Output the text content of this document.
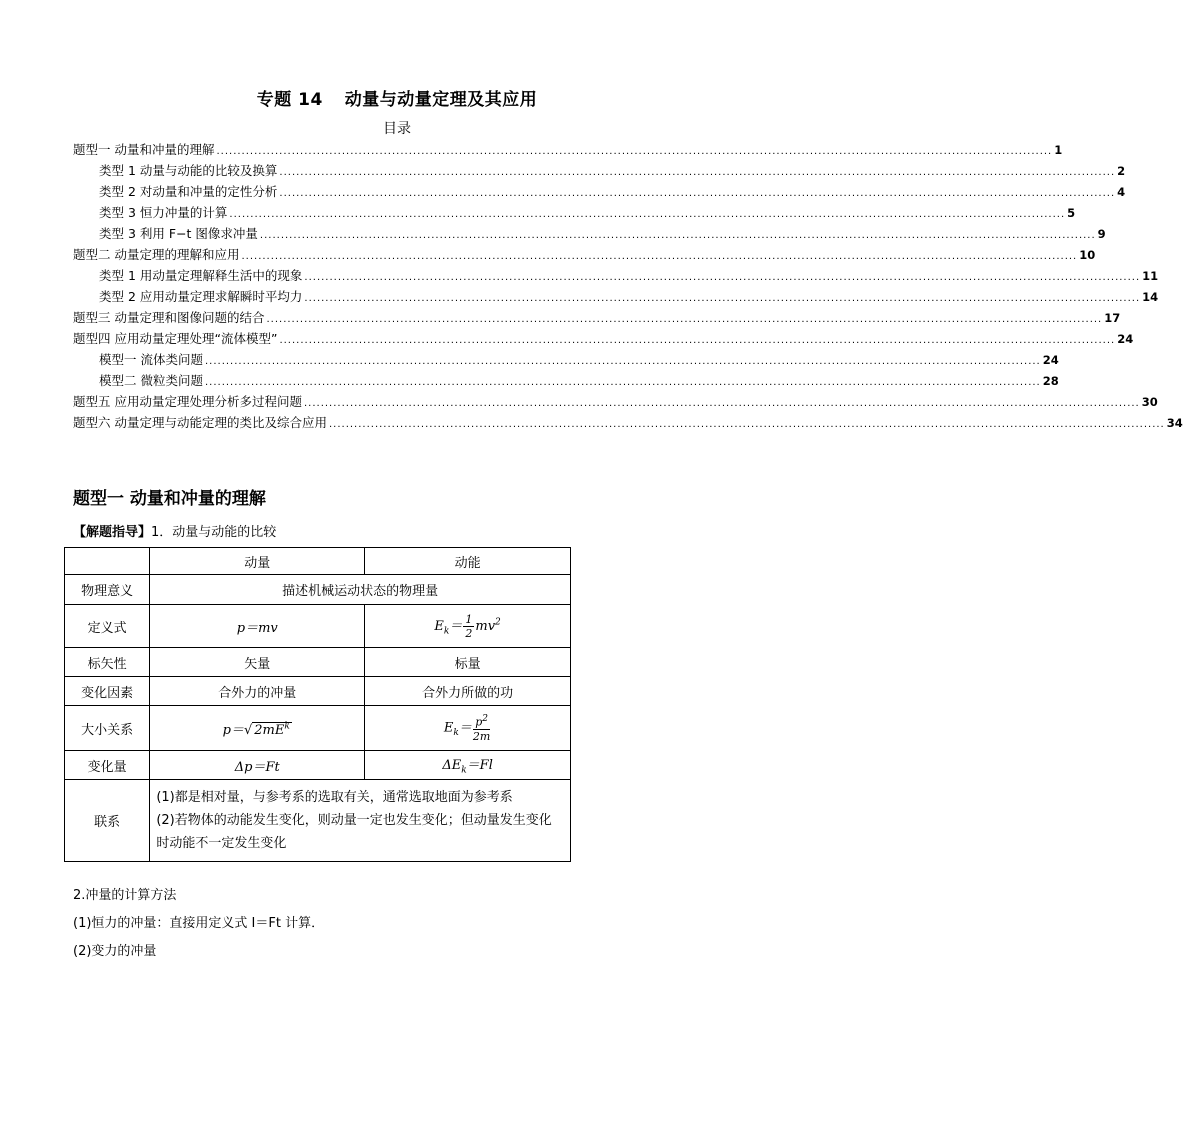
专题 14 动量与动量定理及其应用
目录
题型一 动量和冲量的理解 ........................................................................................................................................................................................................ 1
类型 1 动量与动能的比较及换算 ........................................................................................................................................................................................................ 2
类型 2 对动量和冲量的定性分析 ........................................................................................................................................................................................................ 4
类型 3 恒力冲量的计算 ........................................................................................................................................................................................................ 5
类型 3 利用 F−t 图像求冲量 ........................................................................................................................................................................................................ 9
题型二 动量定理的理解和应用 ........................................................................................................................................................................................................ 10
类型 1 用动量定理解释生活中的现象 ........................................................................................................................................................................................................ 11
类型 2 应用动量定理求解瞬时平均力 ........................................................................................................................................................................................................ 14
题型三 动量定理和图像问题的结合 ........................................................................................................................................................................................................ 17
题型四 应用动量定理处理“流体模型” ........................................................................................................................................................................................................ 24
模型一 流体类问题 ........................................................................................................................................................................................................ 24
模型二 微粒类问题 ........................................................................................................................................................................................................ 28
题型五 应用动量定理处理分析多过程问题 ........................................................................................................................................................................................................ 30
题型六 动量定理与动能定理的类比及综合应用 ........................................................................................................................................................................................................ 34
题型一 动量和冲量的理解
【解题指导】1．动量与动能的比较
	动量	动能
物理意义	描述机械运动状态的物理量	
定义式	p＝mv	$E_k= \frac{1}{2} mv^2$
标矢性	矢量	标量
变化因素	合外力的冲量	合外力所做的功
大小关系	p＝√ $2mE^k$	$E_k= \frac{p^2}{2m}$

变化量	Δp＝Ft	$\Delta E_k=Fl$
联系	(1)都是相对量，与参考系的选取有关，通常选取地面为参考系
(2)若物体的动能发生变化，则动量一定也发生变化；但动量发生变化时动能不一定发生变化	
2.冲量的计算方法
(1)恒力的冲量：直接用定义式 I＝Ft 计算．
(2)变力的冲量
